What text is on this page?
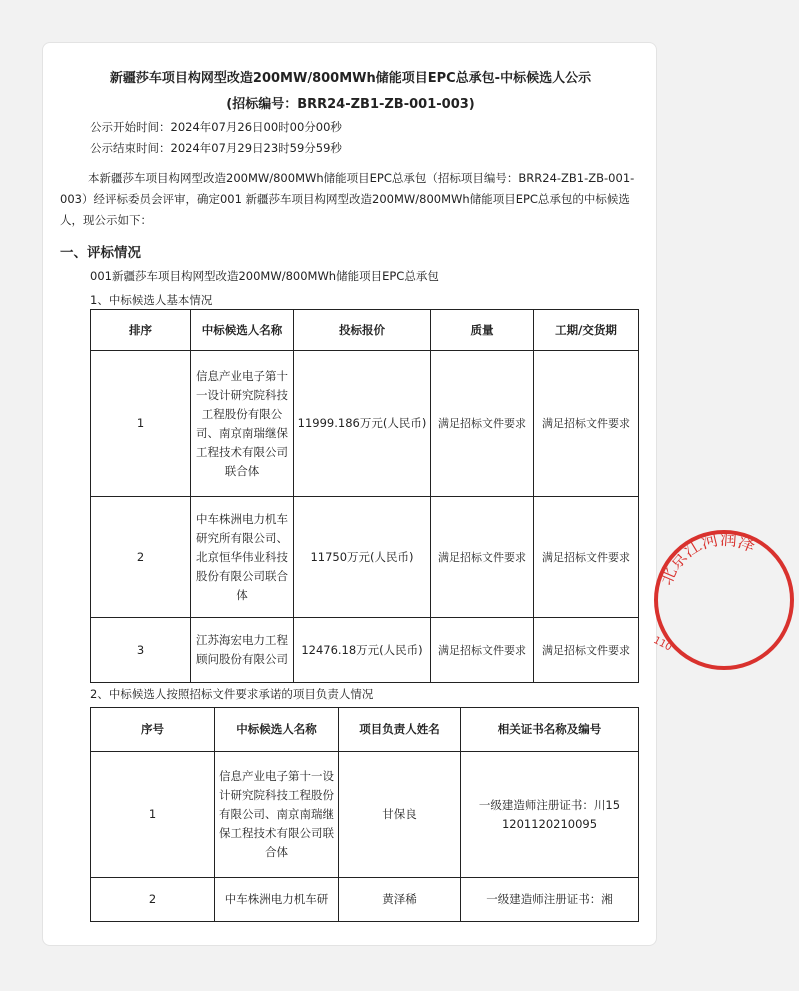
新疆莎车项目构网型改造200MW/800MWh储能项目EPC总承包-中标候选人公示
(招标编号：BRR24-ZB1-ZB-001-003)
公示开始时间：2024年07月26日00时00分00秒
公示结束时间：2024年07月29日23时59分59秒
本新疆莎车项目构网型改造200MW/800MWh储能项目EPC总承包（招标项目编号：BRR24-ZB1-ZB-001-003）经评标委员会评审，确定001 新疆莎车项目构网型改造200MW/800MWh储能项目EPC总承包的中标候选人，现公示如下：
一、评标情况
001新疆莎车项目构网型改造200MW/800MWh储能项目EPC总承包
1、中标候选人基本情况
排序	中标候选人名称	投标报价	质量	工期/交货期
1	信息产业电子第十一设计研究院科技工程股份有限公司、南京南瑞继保工程技术有限公司联合体	11999.186万元(人民币)	满足招标文件要求	满足招标文件要求
2	中车株洲电力机车研究所有限公司、北京恒华伟业科技股份有限公司联合体	11750万元(人民币)	满足招标文件要求	满足招标文件要求
3	江苏海宏电力工程顾问股份有限公司	12476.18万元(人民币)	满足招标文件要求	满足招标文件要求
2、中标候选人按照招标文件要求承诺的项目负责人情况
序号	中标候选人名称	项目负责人姓名	相关证书名称及编号
1	信息产业电子第十一设计研究院科技工程股份有限公司、南京南瑞继保工程技术有限公司联合体	甘保良	一级建造师注册证书：川151201120210095
2	中车株洲电力机车研	黄泽稀	一级建造师注册证书：湘
北京江河润泽
110
